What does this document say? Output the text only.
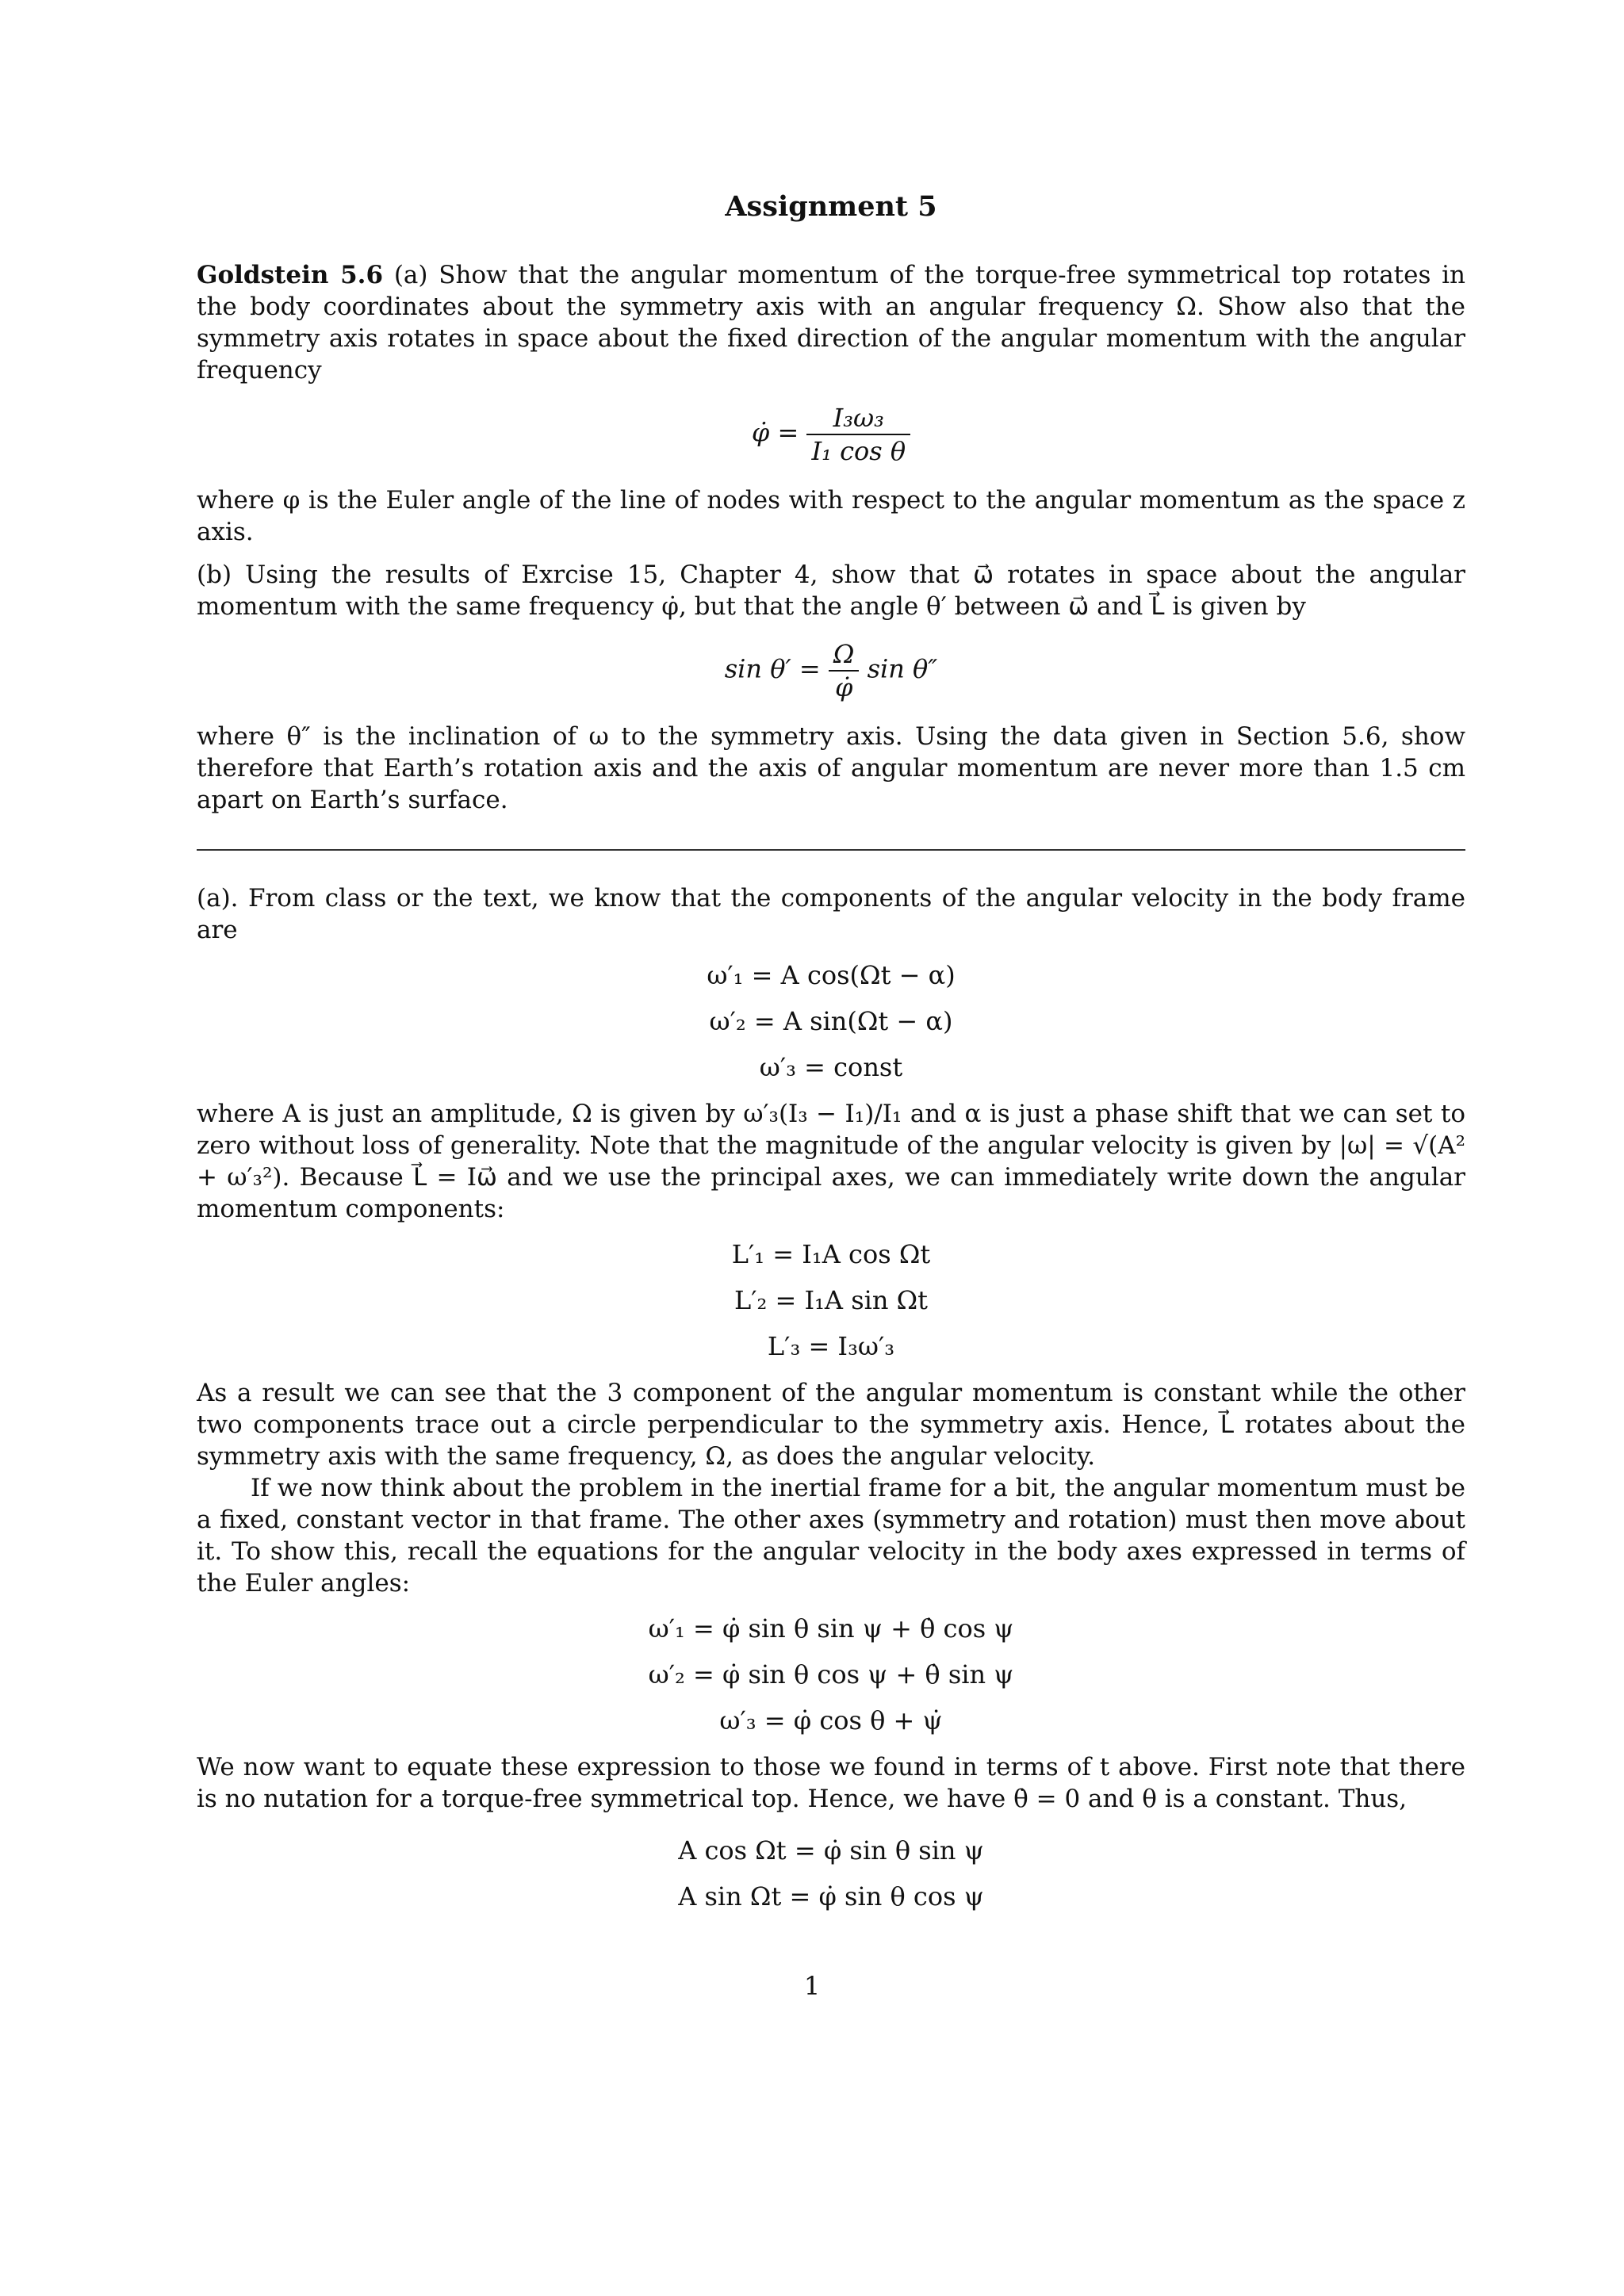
Assignment 5

Goldstein 5.6 (a) Show that the angular momentum of the torque-free symmetrical top rotates in the body coordinates about the symmetry axis with an angular frequency Ω. Show also that the symmetry axis rotates in space about the fixed direction of the angular momentum with the angular frequency

φ̇ = $\frac{\text{I₃ω₃}}{\text{I₁ cos θ}}$

where φ is the Euler angle of the line of nodes with respect to the angular momentum as the space z axis.

(b) Using the results of Exrcise 15, Chapter 4, show that ω⃗ rotates in space about the angular momentum with the same frequency φ̇, but that the angle θ′ between ω⃗ and L⃗ is given by

$\sin \theta' = \frac{\Omega}{\varphi̇}$ sin θ″

where θ″ is the inclination of ω to the symmetry axis. Using the data given in Section 5.6, show therefore that Earth’s rotation axis and the axis of angular momentum are never more than 1.5 cm apart on Earth’s surface.

(a). From class or the text, we know that the components of the angular velocity in the body frame are

ω′₁ = A cos(Ωt − α)
ω′₂ = A sin(Ωt − α)
ω′₃ = const

where A is just an amplitude, Ω is given by ω′₃(I₃ − I₁)/I₁ and α is just a phase shift that we can set to zero without loss of generality. Note that the magnitude of the angular velocity is given by |ω| = √(A² + ω′₃²). Because L⃗ = Iω⃗ and we use the principal axes, we can immediately write down the angular momentum components:

L′₁ = I₁A cos Ωt
L′₂ = I₁A sin Ωt
L′₃ = I₃ω′₃

As a result we can see that the 3 component of the angular momentum is constant while the other two components trace out a circle perpendicular to the symmetry axis. Hence, L⃗ rotates about the symmetry axis with the same frequency, Ω, as does the angular velocity.

If we now think about the problem in the inertial frame for a bit, the angular momentum must be a fixed, constant vector in that frame. The other axes (symmetry and rotation) must then move about it. To show this, recall the equations for the angular velocity in the body axes expressed in terms of the Euler angles:

ω′₁ = φ̇ sin θ sin ψ + θ̇ cos ψ
ω′₂ = φ̇ sin θ cos ψ + θ̇ sin ψ
ω′₃ = φ̇ cos θ + ψ̇

We now want to equate these expression to those we found in terms of t above. First note that there is no nutation for a torque-free symmetrical top. Hence, we have θ̇ = 0 and θ is a constant. Thus,

A cos Ωt = φ̇ sin θ sin ψ
A sin Ωt = φ̇ sin θ cos ψ
1
